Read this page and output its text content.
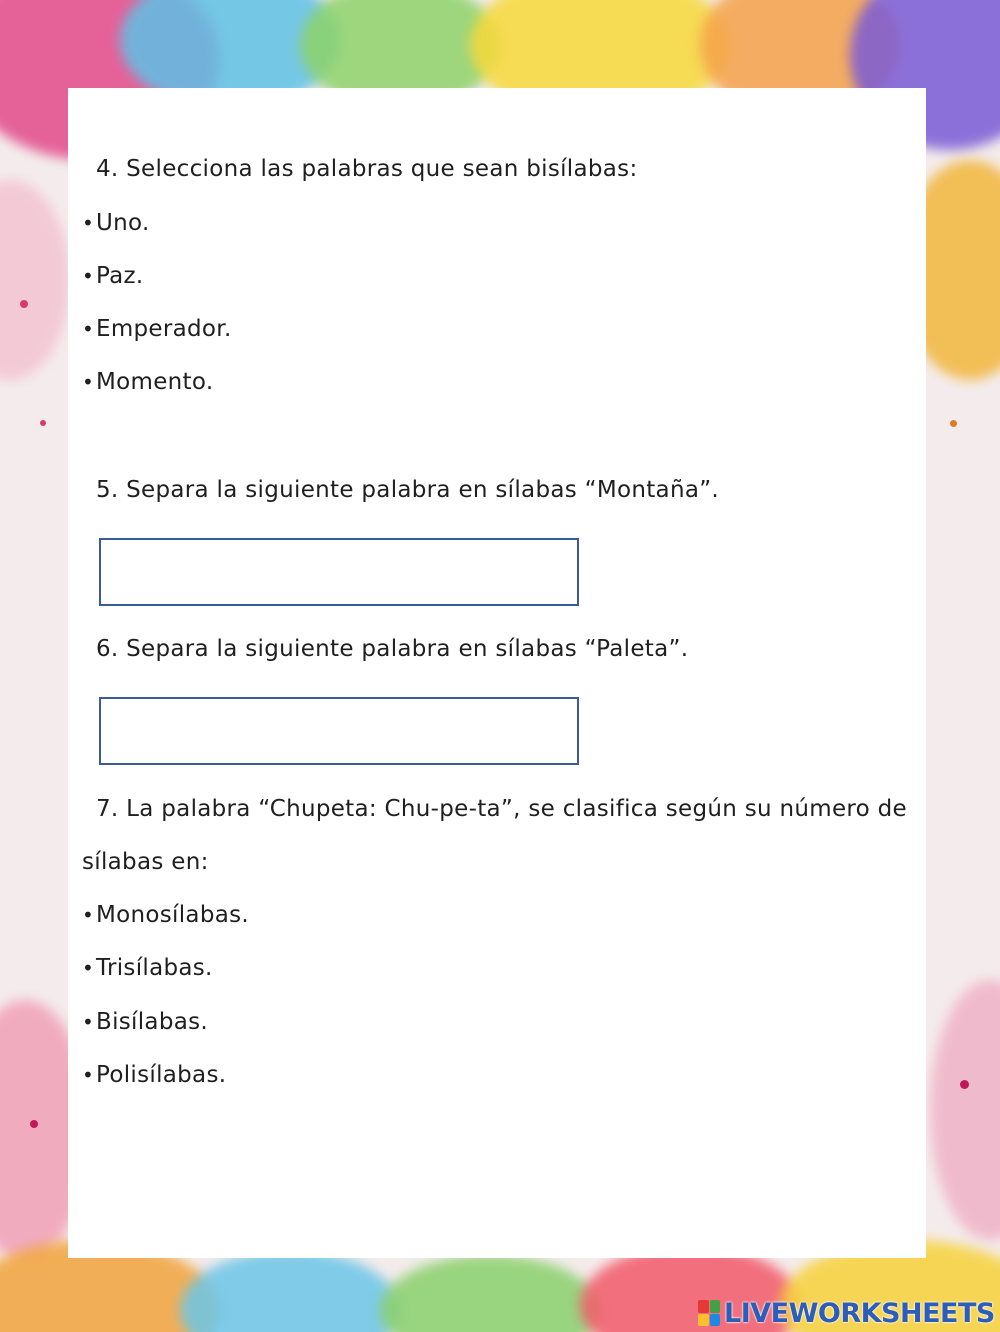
4. Selecciona las palabras que sean bisílabas:
• Uno.
• Paz.
• Emperador.
• Momento.
5. Separa la siguiente palabra en sílabas “Montaña”.
6. Separa la siguiente palabra en sílabas “Paleta”.
7. La palabra “Chupeta: Chu-pe-ta”, se clasifica según su número de
sílabas en:
• Monosílabas.
• Trisílabas.
• Bisílabas.
• Polisílabas.
LIVEWORKSHEETS
